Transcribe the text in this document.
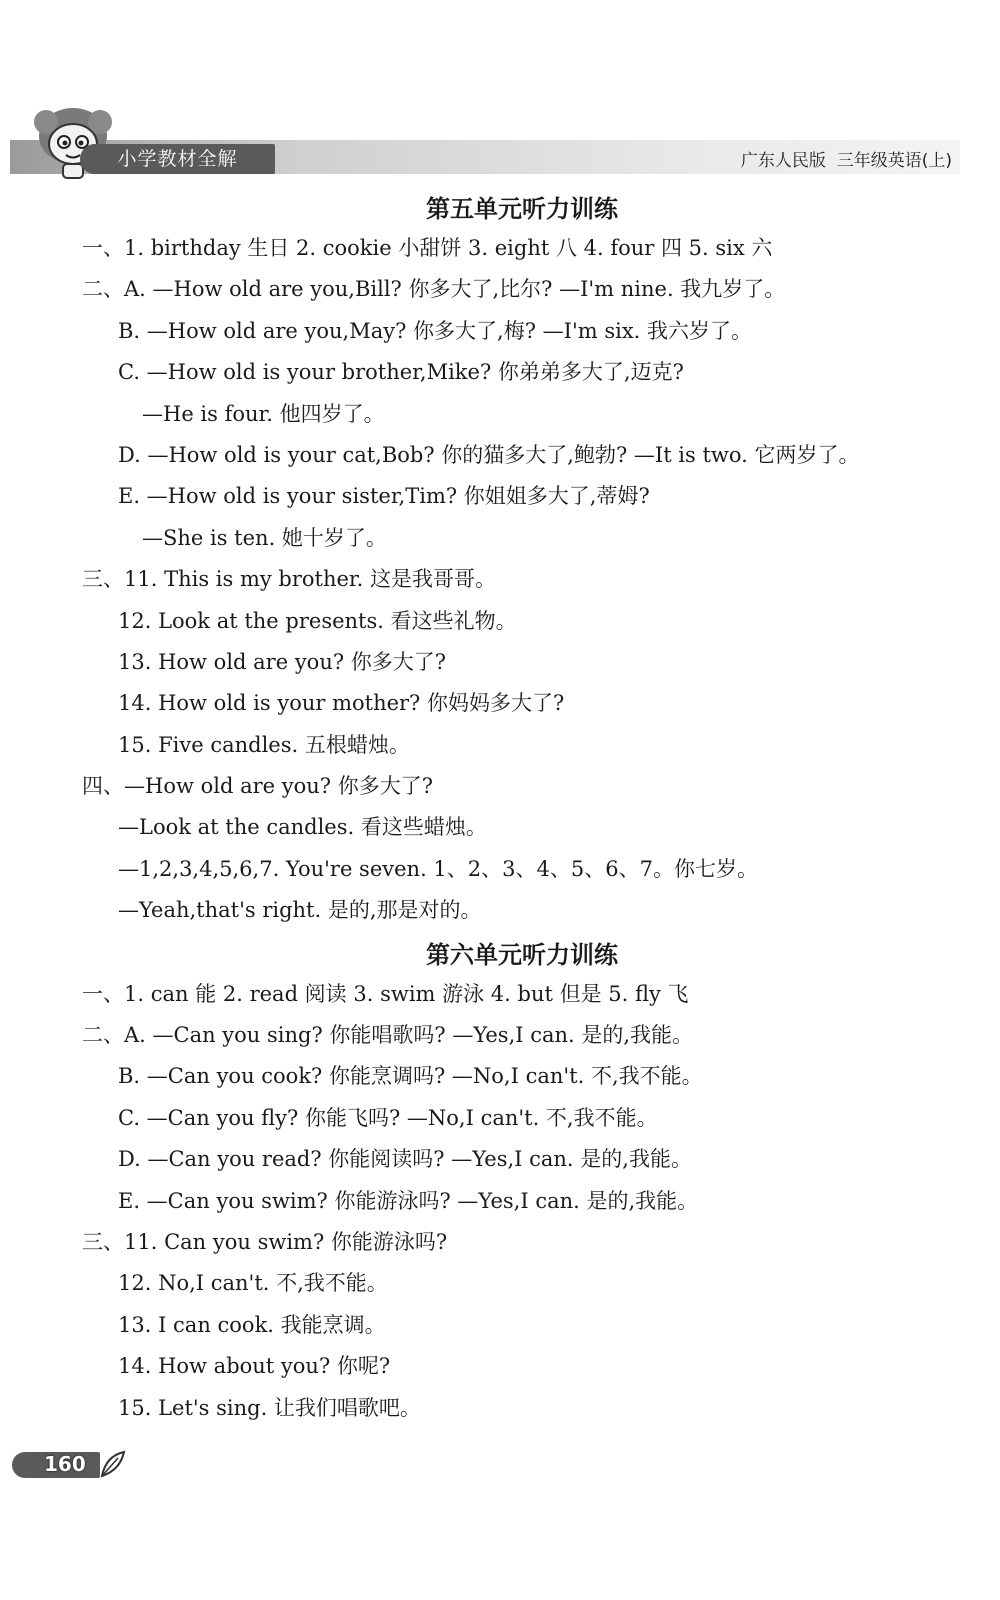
小学教材全解	广东人民版  三年级英语(上)
第五单元听力训练
一、1. birthday 生日 2. cookie 小甜饼 3. eight 八 4. four 四 5. six 六
二、A. —How old are you,Bill? 你多大了,比尔? —I'm nine. 我九岁了。
B. —How old are you,May? 你多大了,梅? —I'm six. 我六岁了。
C. —How old is your brother,Mike? 你弟弟多大了,迈克?
—He is four. 他四岁了。
D. —How old is your cat,Bob? 你的猫多大了,鲍勃? —It is two. 它两岁了。
E. —How old is your sister,Tim? 你姐姐多大了,蒂姆?
—She is ten. 她十岁了。
三、11. This is my brother. 这是我哥哥。
12. Look at the presents. 看这些礼物。
13. How old are you? 你多大了?
14. How old is your mother? 你妈妈多大了?
15. Five candles. 五根蜡烛。
四、—How old are you? 你多大了?
—Look at the candles. 看这些蜡烛。
—1,2,3,4,5,6,7. You're seven. 1、2、3、4、5、6、7。你七岁。
—Yeah,that's right. 是的,那是对的。
第六单元听力训练
一、1. can 能 2. read 阅读 3. swim 游泳 4. but 但是 5. fly 飞
二、A. —Can you sing? 你能唱歌吗? —Yes,I can. 是的,我能。
B. —Can you cook? 你能烹调吗? —No,I can't. 不,我不能。
C. —Can you fly? 你能飞吗? —No,I can't. 不,我不能。
D. —Can you read? 你能阅读吗? —Yes,I can. 是的,我能。
E. —Can you swim? 你能游泳吗? —Yes,I can. 是的,我能。
三、11. Can you swim? 你能游泳吗?
12. No,I can't. 不,我不能。
13. I can cook. 我能烹调。
14. How about you? 你呢?
15. Let's sing. 让我们唱歌吧。
160
